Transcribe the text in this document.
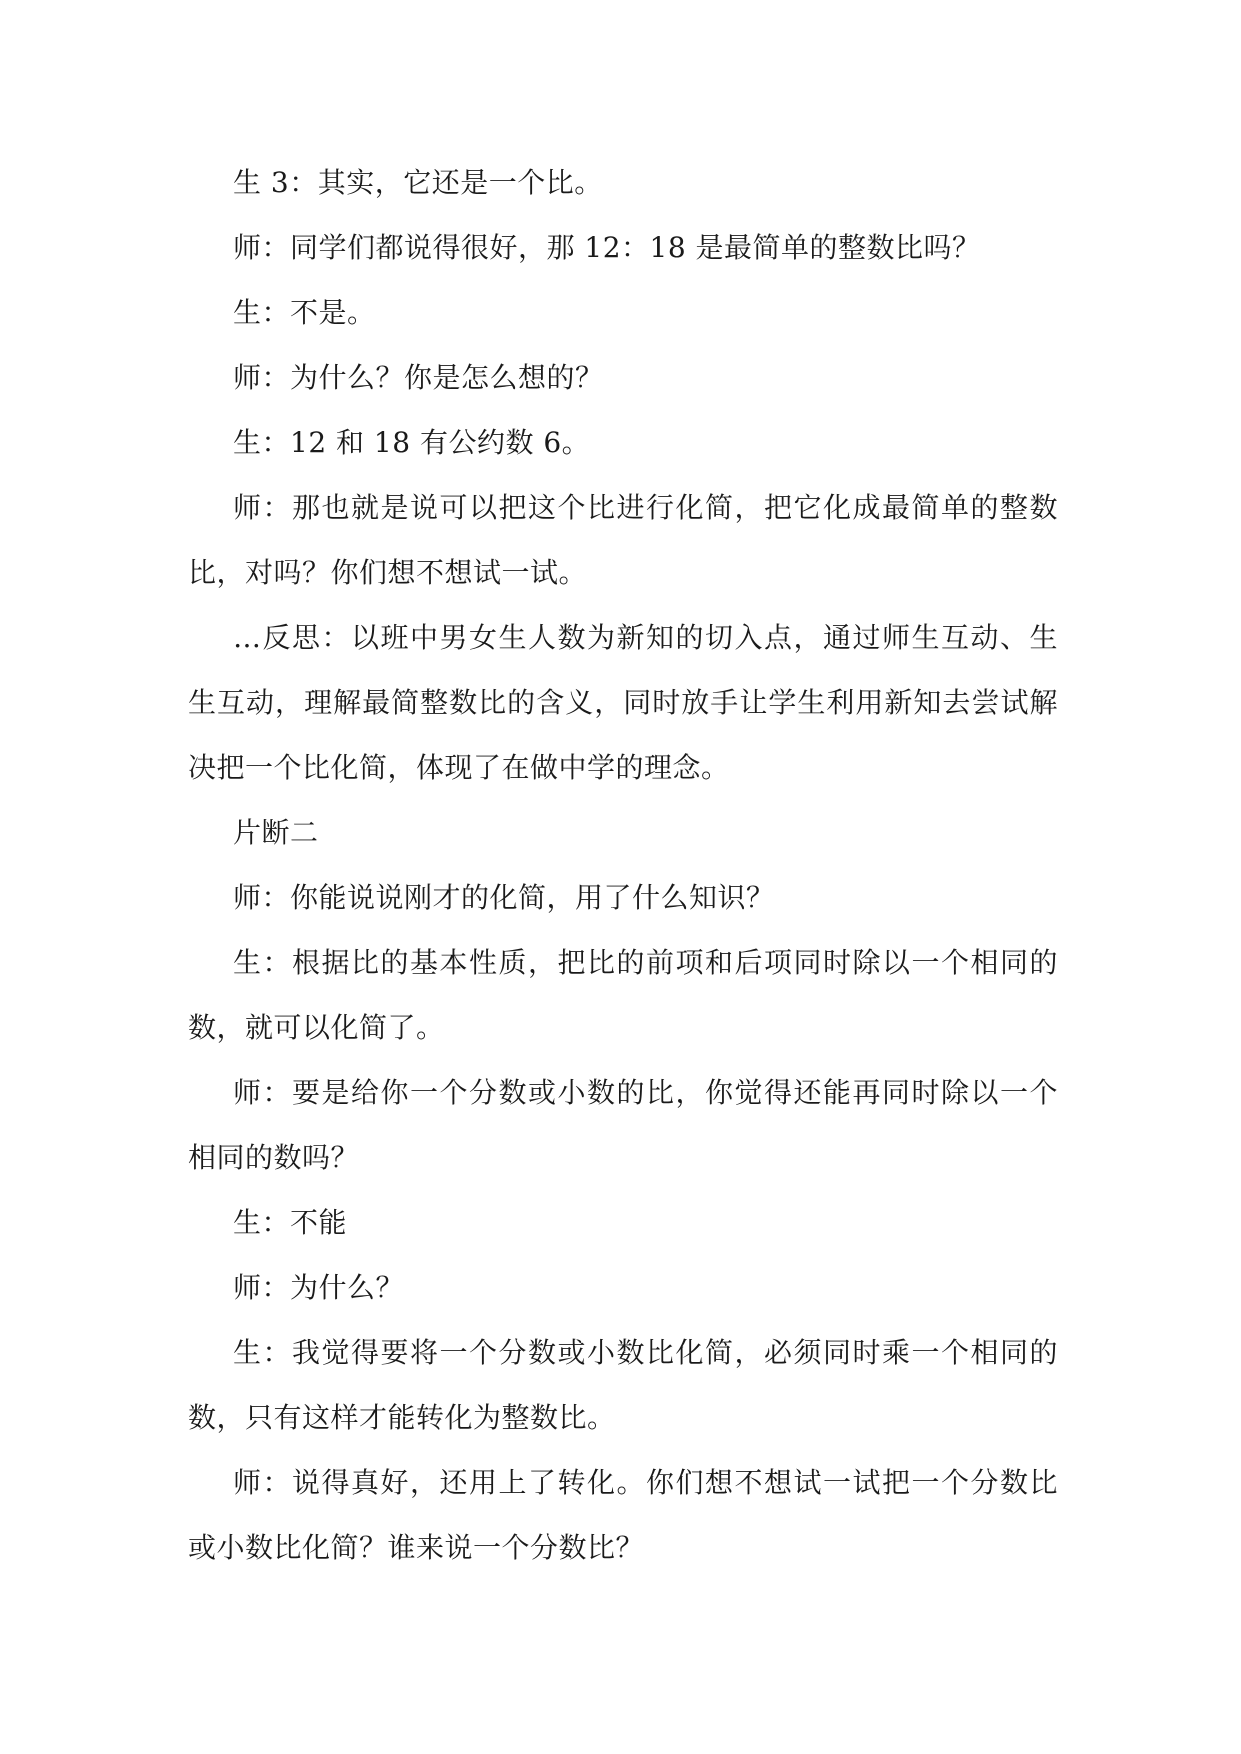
生 3：其实，它还是一个比。

师：同学们都说得很好，那 12：18 是最简单的整数比吗？

生：不是。

师：为什么？你是怎么想的？

生：12 和 18 有公约数 6。

师：那也就是说可以把这个比进行化简，把它化成最简单的整数比，对吗？你们想不想试一试。

…反思：以班中男女生人数为新知的切入点，通过师生互动、生生互动，理解最简整数比的含义，同时放手让学生利用新知去尝试解决把一个比化简，体现了在做中学的理念。

片断二

师：你能说说刚才的化简，用了什么知识？

生：根据比的基本性质，把比的前项和后项同时除以一个相同的数，就可以化简了。

师：要是给你一个分数或小数的比，你觉得还能再同时除以一个相同的数吗？

生：不能

师：为什么？

生：我觉得要将一个分数或小数比化简，必须同时乘一个相同的数，只有这样才能转化为整数比。

师：说得真好，还用上了转化。你们想不想试一试把一个分数比或小数比化简？谁来说一个分数比？
